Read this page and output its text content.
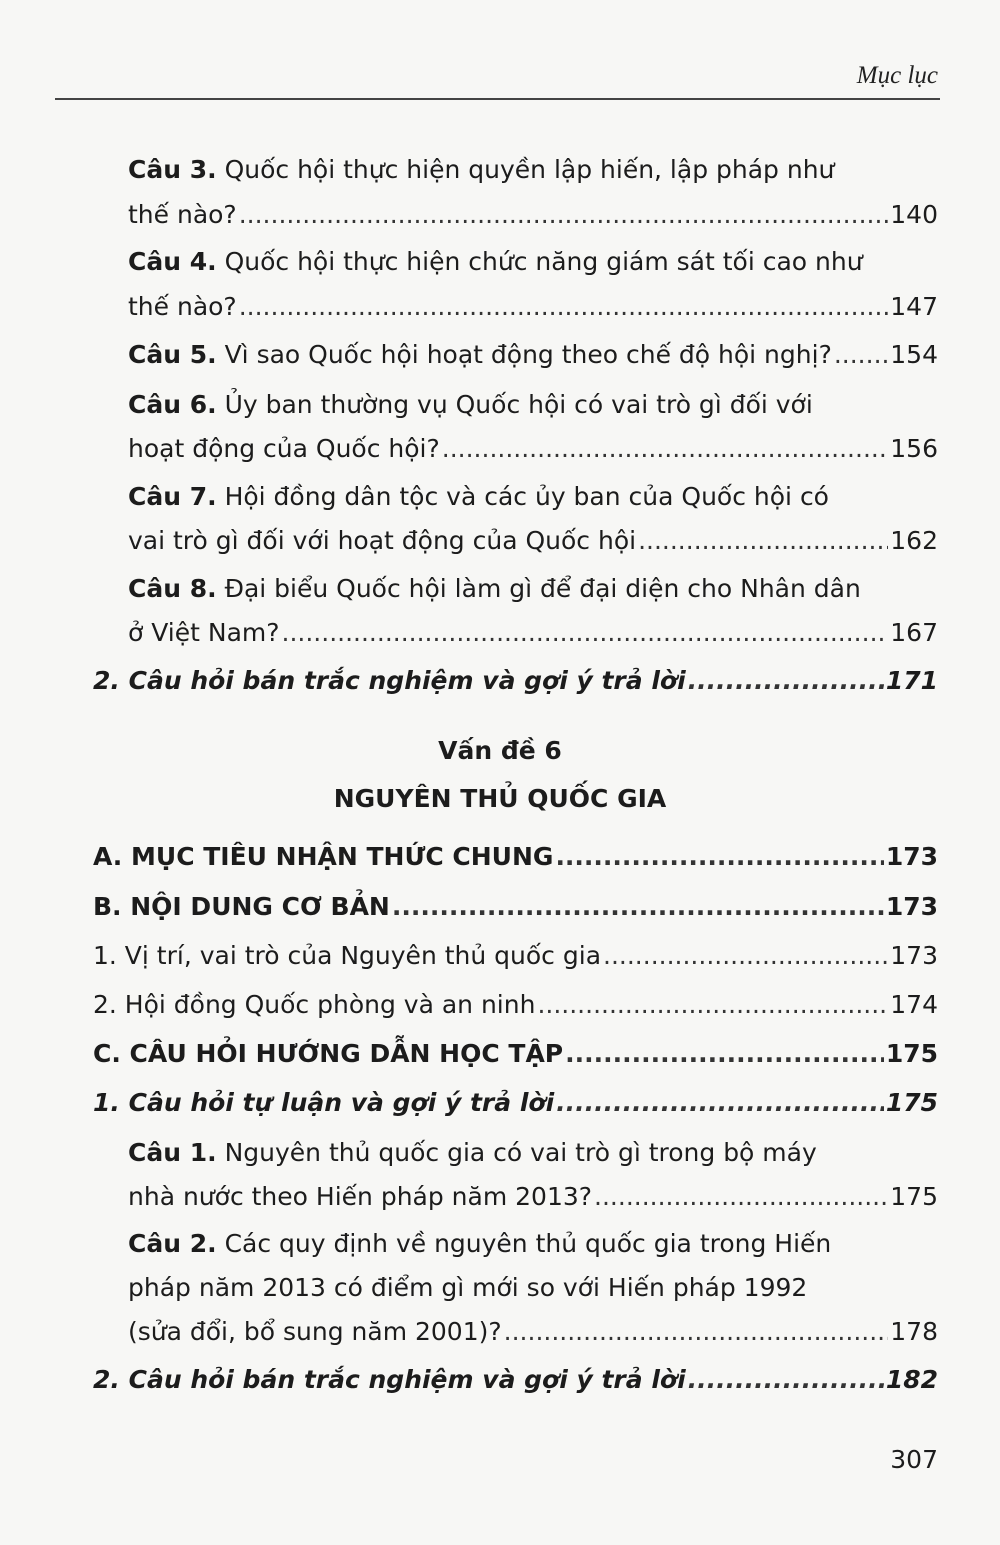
Mục lục
Câu 3. Quốc hội thực hiện quyền lập hiến, lập pháp như
thế nào? .....	140
Câu 4. Quốc hội thực hiện chức năng giám sát tối cao như
thế nào? .....	147
Câu 5. Vì sao Quốc hội hoạt động theo chế độ hội nghị? ..... 154
Câu 6. Ủy ban thường vụ Quốc hội có vai trò gì đối với
hoạt động của Quốc hội? .....	156
Câu 7. Hội đồng dân tộc và các ủy ban của Quốc hội có
vai trò gì đối với hoạt động của Quốc hội .....	162
Câu 8. Đại biểu Quốc hội làm gì để đại diện cho Nhân dân
ở Việt Nam? .....	167
2. Câu hỏi bán trắc nghiệm và gợi ý trả lời .....	171
Vấn đề 6
NGUYÊN THỦ QUỐC GIA
A. MỤC TIÊU NHẬN THỨC CHUNG .....	173
B. NỘI DUNG CƠ BẢN .....	173
1. Vị trí, vai trò của Nguyên thủ quốc gia .....	173
2. Hội đồng Quốc phòng và an ninh .....	174
C. CÂU HỎI HƯỚNG DẪN HỌC TẬP .....	175
1. Câu hỏi tự luận và gợi ý trả lời .....	175
Câu 1. Nguyên thủ quốc gia có vai trò gì trong bộ máy
nhà nước theo Hiến pháp năm 2013? .....	175
Câu 2. Các quy định về nguyên thủ quốc gia trong Hiến
pháp năm 2013 có điểm gì mới so với Hiến pháp 1992
(sửa đổi, bổ sung năm 2001)? .....	178
2. Câu hỏi bán trắc nghiệm và gợi ý trả lời .....	182
307
